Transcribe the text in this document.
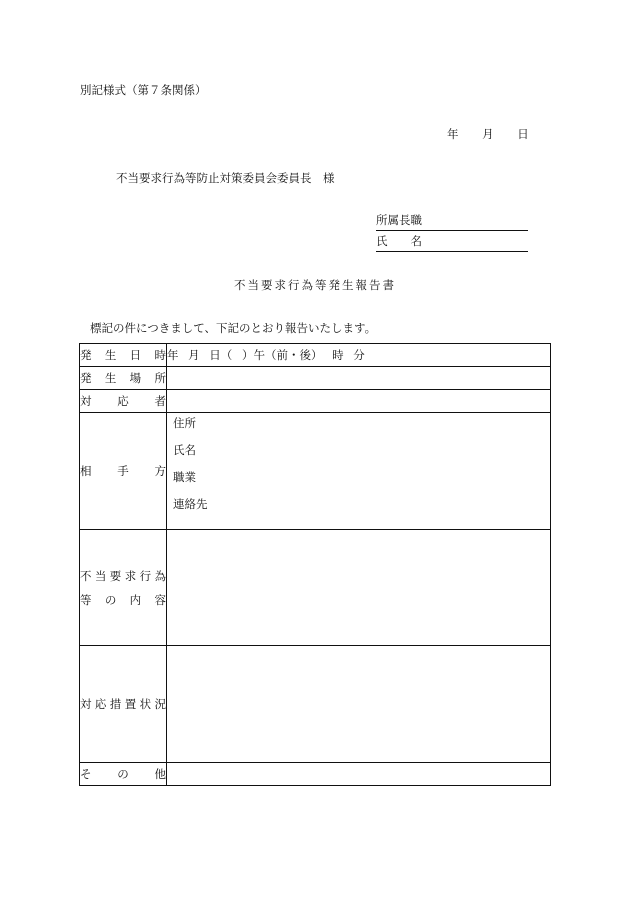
別記様式（第７条関係）
年 月 日
不当要求行為等防止対策委員会委員長　様
所属長職
氏　　名
不当要求行為等発生報告書
標記の件につきまして、下記のとおり報告いたします。
発生日時	年 月 日（ ）午（前・後） 時 分
発生場所	
対応者	
相手方	住所
氏名
職業
連絡先

不当要求行為
等の内容	

対応措置状況	
その他	
